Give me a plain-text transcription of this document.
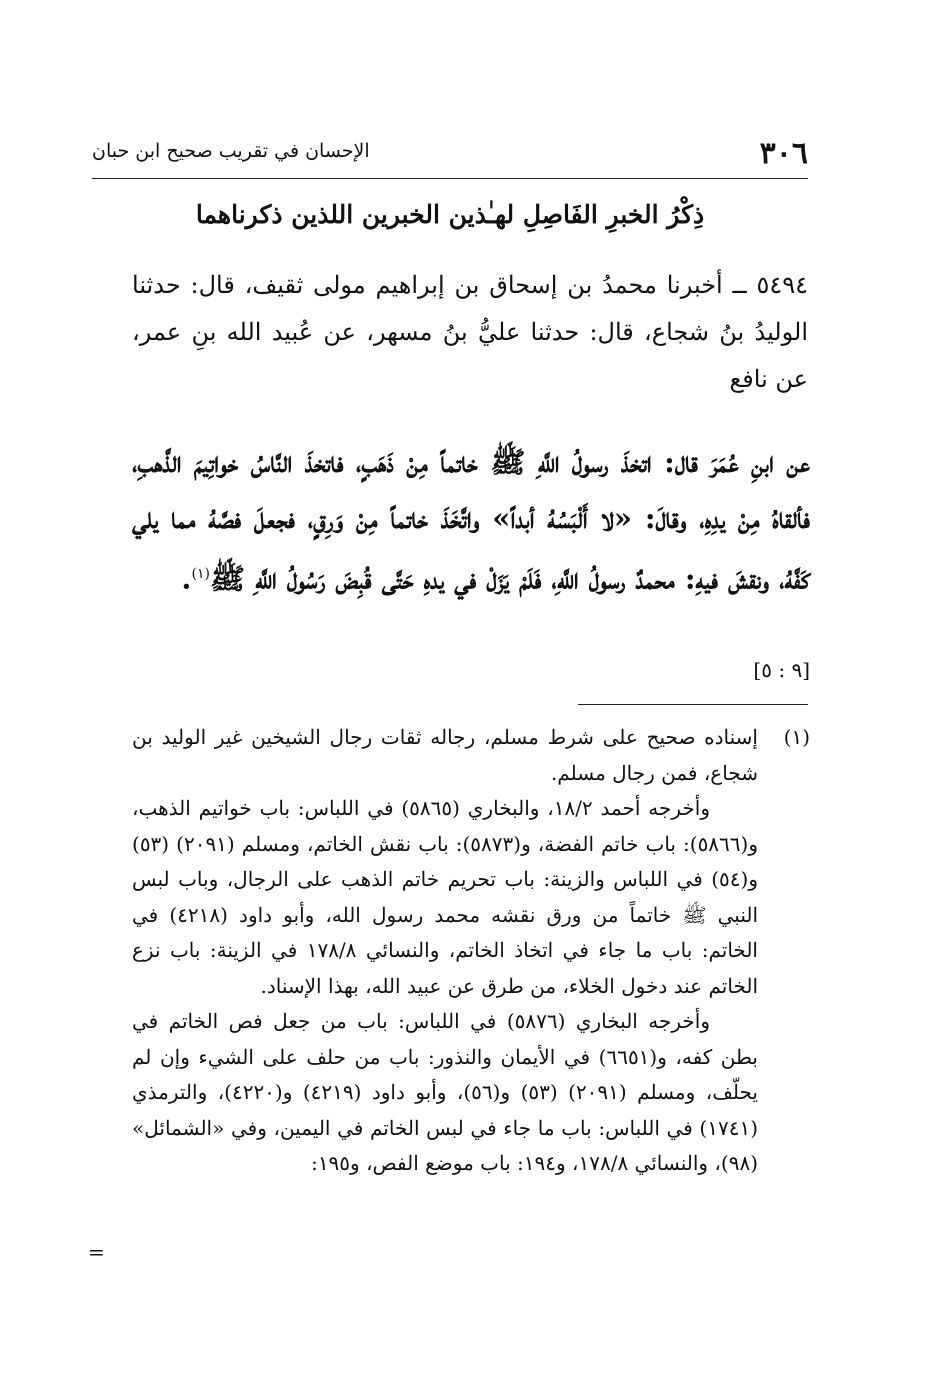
٣٠٦
الإحسان في تقريب صحيح ابن حبان
ذِكْرُ الخبرِ الفَاصِلِ لهـٰذين الخبرين اللذين ذكرناهما
٥٤٩٤ ــ أخبرنا محمدُ بن إسحاق بن إبراهيم مولى ثقيف، قال: حدثنا الوليدُ بنُ شجاع، قال: حدثنا عليُّ بنُ مسهر، عن عُبيد الله بنِ عمر، عن نافع
عن ابنِ عُمَرَ قال: اتخذَ رسولُ اللَّهِ ﷺ خاتماً مِنْ ذَهَبٍ، فاتخذَ النَّاسُ خواتِيمَ الذَّهبِ، فألقاهُ مِنْ يدِهِ، وقالَ: «لا أَلْبَسُهُ أبداً» واتَّخَذَ خاتماً مِنْ وَرِقٍ، فجعلَ فصَّهُ مما يلي كَفَّهُ، ونقشَ فيهِ: محمدٌ رسولُ اللَّهِ، فَلَمْ يَزَلْ في يدهِ حَتَّى قُبِضَ رَسُولُ اللَّهِ ﷺ$^{(١)}$.
[٩ : ٥]
(١)

إسناده صحيح على شرط مسلم، رجاله ثقات رجال الشيخين غير الوليد بن شجاع، فمن رجال مسلم.

وأخرجه أحمد ١٨/٢، والبخاري (٥٨٦٥) في اللباس: باب خواتيم الذهب، و(٥٨٦٦): باب خاتم الفضة، و(٥٨٧٣): باب نقش الخاتم، ومسلم (٢٠٩١) (٥٣) و(٥٤) في اللباس والزينة: باب تحريم خاتم الذهب على الرجال، وباب لبس النبي ﷺ خاتماً من ورق نقشه محمد رسول الله، وأبو داود (٤٢١٨) في الخاتم: باب ما جاء في اتخاذ الخاتم، والنسائي ١٧٨/٨ في الزينة: باب نزع الخاتم عند دخول الخلاء، من طرق عن عبيد الله، بهذا الإسناد.

وأخرجه البخاري (٥٨٧٦) في اللباس: باب من جعل فص الخاتم في بطن كفه، و(٦٦٥١) في الأيمان والنذور: باب من حلف على الشيء وإن لم يحلّف، ومسلم (٢٠٩١) (٥٣) و(٥٦)، وأبو داود (٤٢١٩) و(٤٢٢٠)، والترمذي (١٧٤١) في اللباس: باب ما جاء في لبس الخاتم في اليمين، وفي «الشمائل» (٩٨)، والنسائي ١٧٨/٨، و١٩٤: باب موضع الفص، و١٩٥:

=
